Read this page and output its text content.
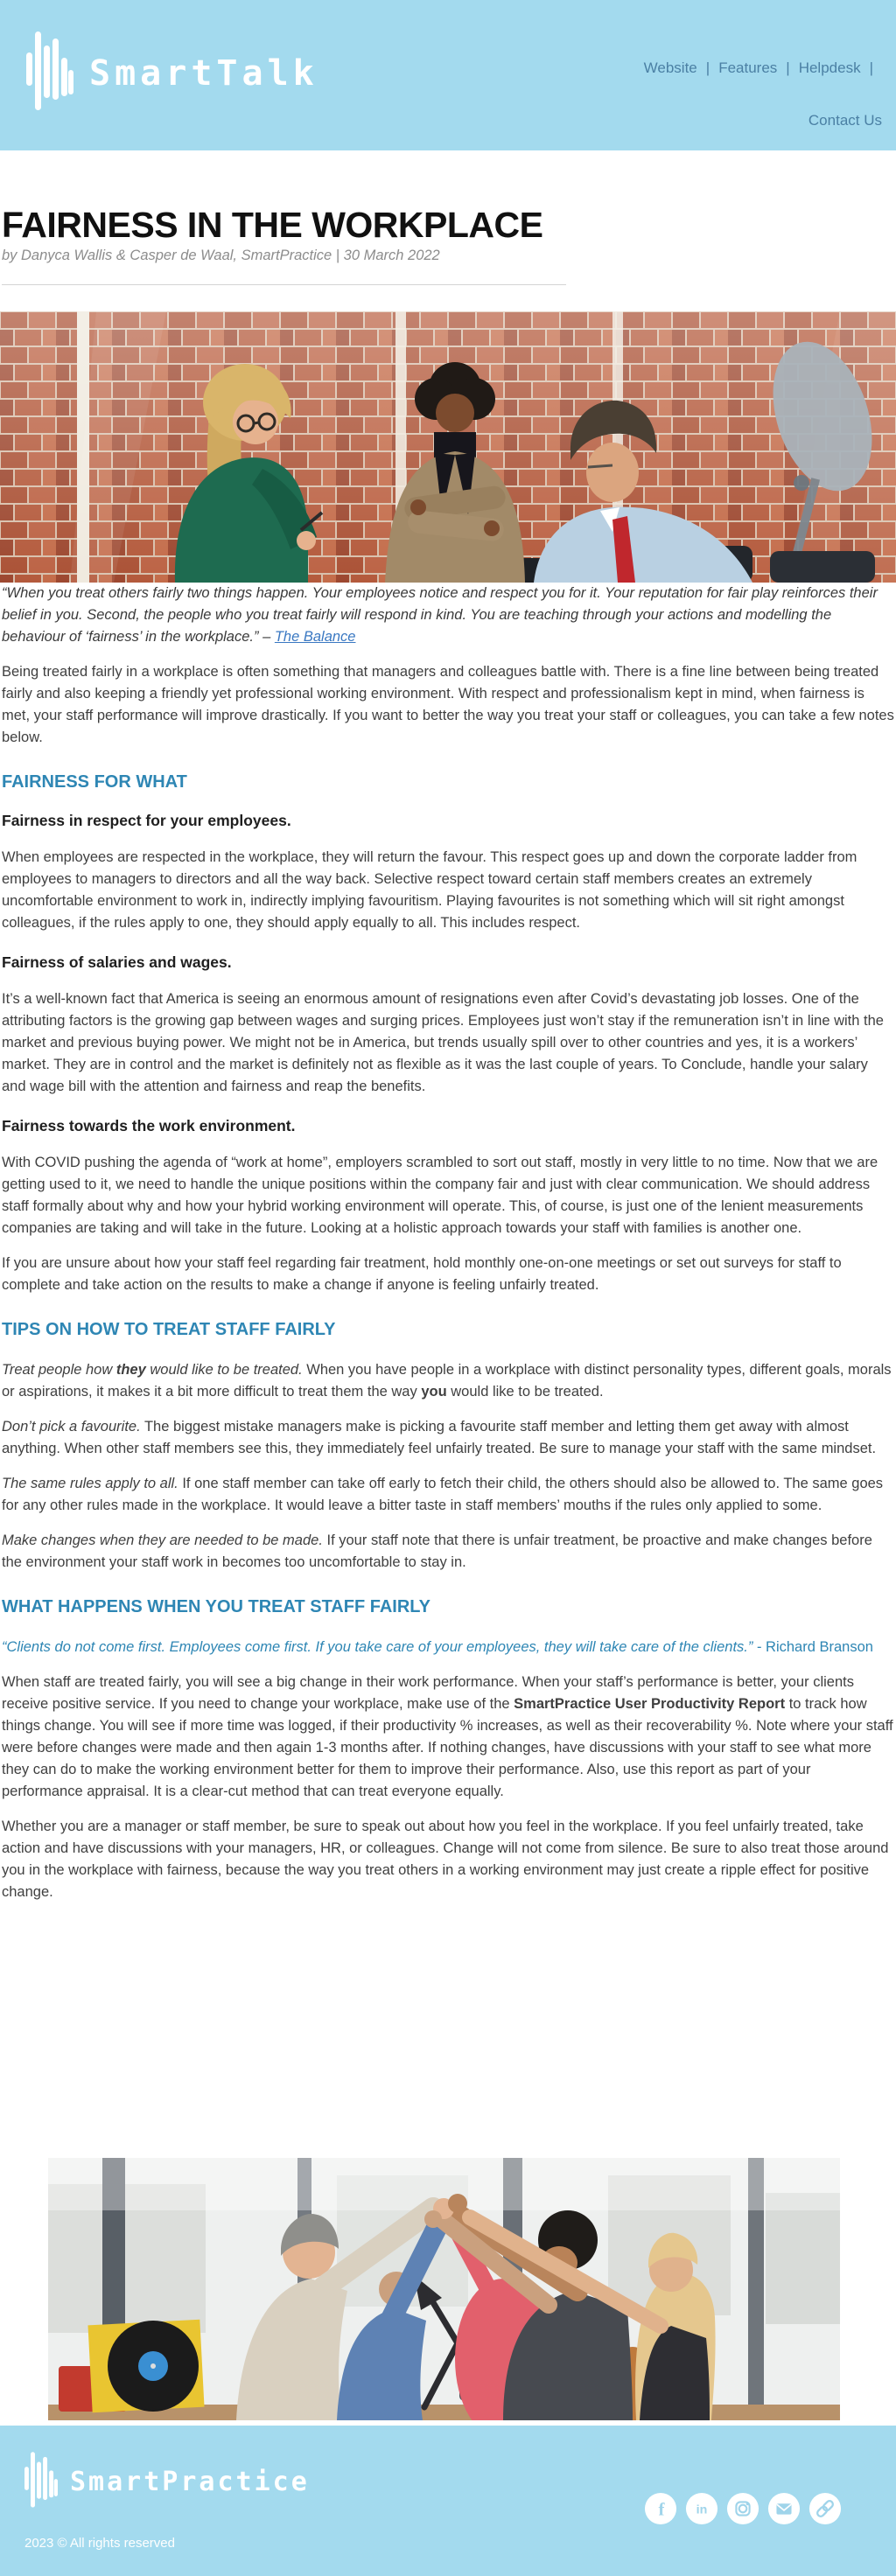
SmartTalk	Website | Features | Helpdesk |
Contact Us
FAIRNESS IN THE WORKPLACE

by Danyca Wallis & Casper de Waal, SmartPractice | 30 March 2022

“When you treat others fairly two things happen. Your employees notice and respect you for it. Your reputation for fair play reinforces their belief in you. Second, the people who you treat fairly will respond in kind. You are teaching through your actions and modelling the behaviour of ‘fairness’ in the workplace.” – The Balance

Being treated fairly in a workplace is often something that managers and colleagues battle with. There is a fine line between being treated fairly and also keeping a friendly yet professional working environment. With respect and professionalism kept in mind, when fairness is met, your staff performance will improve drastically. If you want to better the way you treat your staff or colleagues, you can take a few notes below.

FAIRNESS FOR WHAT
Fairness in respect for your employees.

When employees are respected in the workplace, they will return the favour. This respect goes up and down the corporate ladder from employees to managers to directors and all the way back. Selective respect toward certain staff members creates an extremely uncomfortable environment to work in, indirectly implying favouritism. Playing favourites is not something which will sit right amongst colleagues, if the rules apply to one, they should apply equally to all. This includes respect.

Fairness of salaries and wages.

It’s a well-known fact that America is seeing an enormous amount of resignations even after Covid’s devastating job losses. One of the attributing factors is the growing gap between wages and surging prices. Employees just won’t stay if the remuneration isn’t in line with the market and previous buying power. We might not be in America, but trends usually spill over to other countries and yes, it is a workers’ market. They are in control and the market is definitely not as flexible as it was the last couple of years. To Conclude, handle your salary and wage bill with the attention and fairness and reap the benefits.

Fairness towards the work environment.

With COVID pushing the agenda of “work at home”, employers scrambled to sort out staff, mostly in very little to no time. Now that we are getting used to it, we need to handle the unique positions within the company fair and just with clear communication. We should address staff formally about why and how your hybrid working environment will operate. This, of course, is just one of the lenient measurements companies are taking and will take in the future. Looking at a holistic approach towards your staff with families is another one.

If you are unsure about how your staff feel regarding fair treatment, hold monthly one-on-one meetings or set out surveys for staff to complete and take action on the results to make a change if anyone is feeling unfairly treated.

TIPS ON HOW TO TREAT STAFF FAIRLY

Treat people how they would like to be treated. When you have people in a workplace with distinct personality types, different goals, morals or aspirations, it makes it a bit more difficult to treat them the way you would like to be treated.

Don’t pick a favourite. The biggest mistake managers make is picking a favourite staff member and letting them get away with almost anything. When other staff members see this, they immediately feel unfairly treated. Be sure to manage your staff with the same mindset.

The same rules apply to all. If one staff member can take off early to fetch their child, the others should also be allowed to. The same goes for any other rules made in the workplace. It would leave a bitter taste in staff members’ mouths if the rules only applied to some.

Make changes when they are needed to be made. If your staff note that there is unfair treatment, be proactive and make changes before the environment your staff work in becomes too uncomfortable to stay in.

WHAT HAPPENS WHEN YOU TREAT STAFF FAIRLY

“Clients do not come first. Employees come first. If you take care of your employees, they will take care of the clients.” - Richard Branson

When staff are treated fairly, you will see a big change in their work performance. When your staff’s performance is better, your clients receive positive service. If you need to change your workplace, make use of the SmartPractice User Productivity Report to track how things change. You will see if more time was logged, if their productivity % increases, as well as their recoverability %. Note where your staff were before changes were made and then again 1-3 months after. If nothing changes, have discussions with your staff to see what more they can do to make the working environment better for them to improve their performance. Also, use this report as part of your performance appraisal. It is a clear-cut method that can treat everyone equally.

Whether you are a manager or staff member, be sure to speak out about how you feel in the workplace. If you feel unfairly treated, take action and have discussions with your managers, HR, or colleagues. Change will not come from silence. Be sure to also treat those around you in the workplace with fairness, because the way you treat others in a working environment may just create a ripple effect for positive change.

SmartPractice
f in
2023 © All rights reserved
